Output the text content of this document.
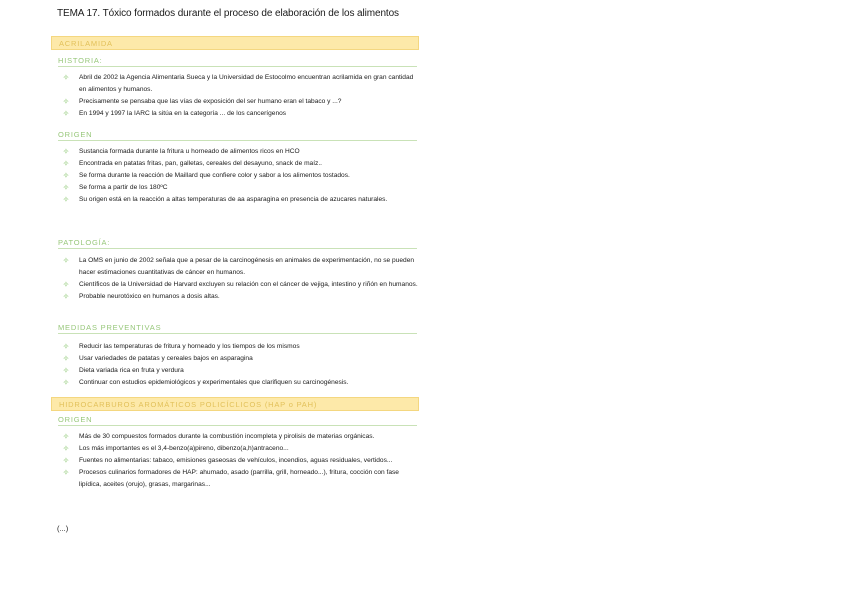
TEMA 17. Tóxico formados durante el proceso de elaboración de los alimentos
ACRILAMIDA
HISTORIA:
✧ Abril de 2002 la Agencia Alimentaria Sueca y la Universidad de Estocolmo encuentran acrilamida en gran cantidad en alimentos y humanos.
✧ Precisamente se pensaba que las vías de exposición del ser humano eran el tabaco y ...?
✧ En 1994 y 1997 la IARC la sitúa en la categoría ... de los cancerígenos
ORIGEN
✧ Sustancia formada durante la fritura u horneado de alimentos ricos en HCO
✧ Encontrada en patatas fritas, pan, galletas, cereales del desayuno, snack de maíz..
✧ Se forma durante la reacción de Maillard que confiere color y sabor a los alimentos tostados.
✧ Se forma a partir de los 180ºC
✧ Su origen está en la reacción a altas temperaturas de aa asparagina en presencia de azucares naturales.
PATOLOGÍA:
✧ La OMS en junio de 2002 señala que a pesar de la carcinogénesis en animales de experimentación, no se pueden hacer estimaciones cuantitativas de cáncer en humanos.
✧ Científicos de la Universidad de Harvard excluyen su relación con el cáncer de vejiga, intestino y riñón en humanos.
✧ Probable neurotóxico en humanos a dosis altas.
MEDIDAS PREVENTIVAS
✧ Reducir las temperaturas de fritura y horneado y los tiempos de los mismos
✧ Usar variedades de patatas y cereales bajos en asparagina
✧ Dieta variada rica en fruta y verdura
✧ Continuar con estudios epidemiológicos y experimentales que clarifiquen su carcinogénesis.
HIDROCARBUROS AROMÁTICOS POLICÍCLICOS (HAP o PAH)
ORIGEN
✧ Más de 30 compuestos formados durante la combustión incompleta y pirolisis de materias orgánicas.
✧ Los más importantes es el 3,4-benzo(a)pireno, dibenzo(a,h)antraceno...
✧ Fuentes no alimentarias: tabaco, emisiones gaseosas de vehículos, incendios, aguas residuales, vertidos...
✧ Procesos culinarios formadores de HAP: ahumado, asado (parrilla, grill, horneado...), fritura, cocción con fase lipídica, aceites (orujo), grasas, margarinas...
(...)
